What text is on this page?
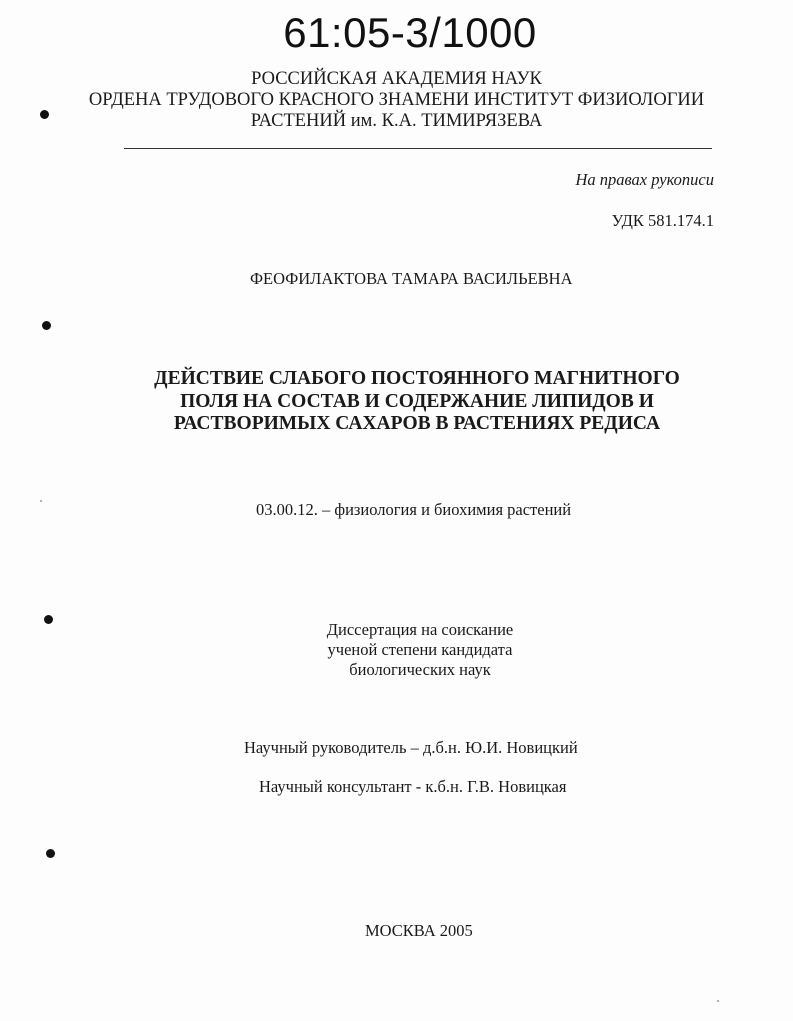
61:05-3/1000
РОССИЙСКАЯ АКАДЕМИЯ НАУК
ОРДЕНА ТРУДОВОГО КРАСНОГО ЗНАМЕНИ ИНСТИТУТ ФИЗИОЛОГИИ
РАСТЕНИЙ им. К.А. ТИМИРЯЗЕВА
На правах рукописи
УДК 581.174.1
ФЕОФИЛАКТОВА ТАМАРА ВАСИЛЬЕВНА
ДЕЙСТВИЕ СЛАБОГО ПОСТОЯННОГО МАГНИТНОГО
ПОЛЯ НА СОСТАВ И СОДЕРЖАНИЕ ЛИПИДОВ И
РАСТВОРИМЫХ САХАРОВ В РАСТЕНИЯХ РЕДИСА
03.00.12. – физиология и биохимия растений
Диссертация на соискание
ученой степени кандидата
биологических наук
Научный руководитель – д.б.н. Ю.И. Новицкий
Научный консультант - к.б.н. Г.В. Новицкая
МОСКВА 2005
